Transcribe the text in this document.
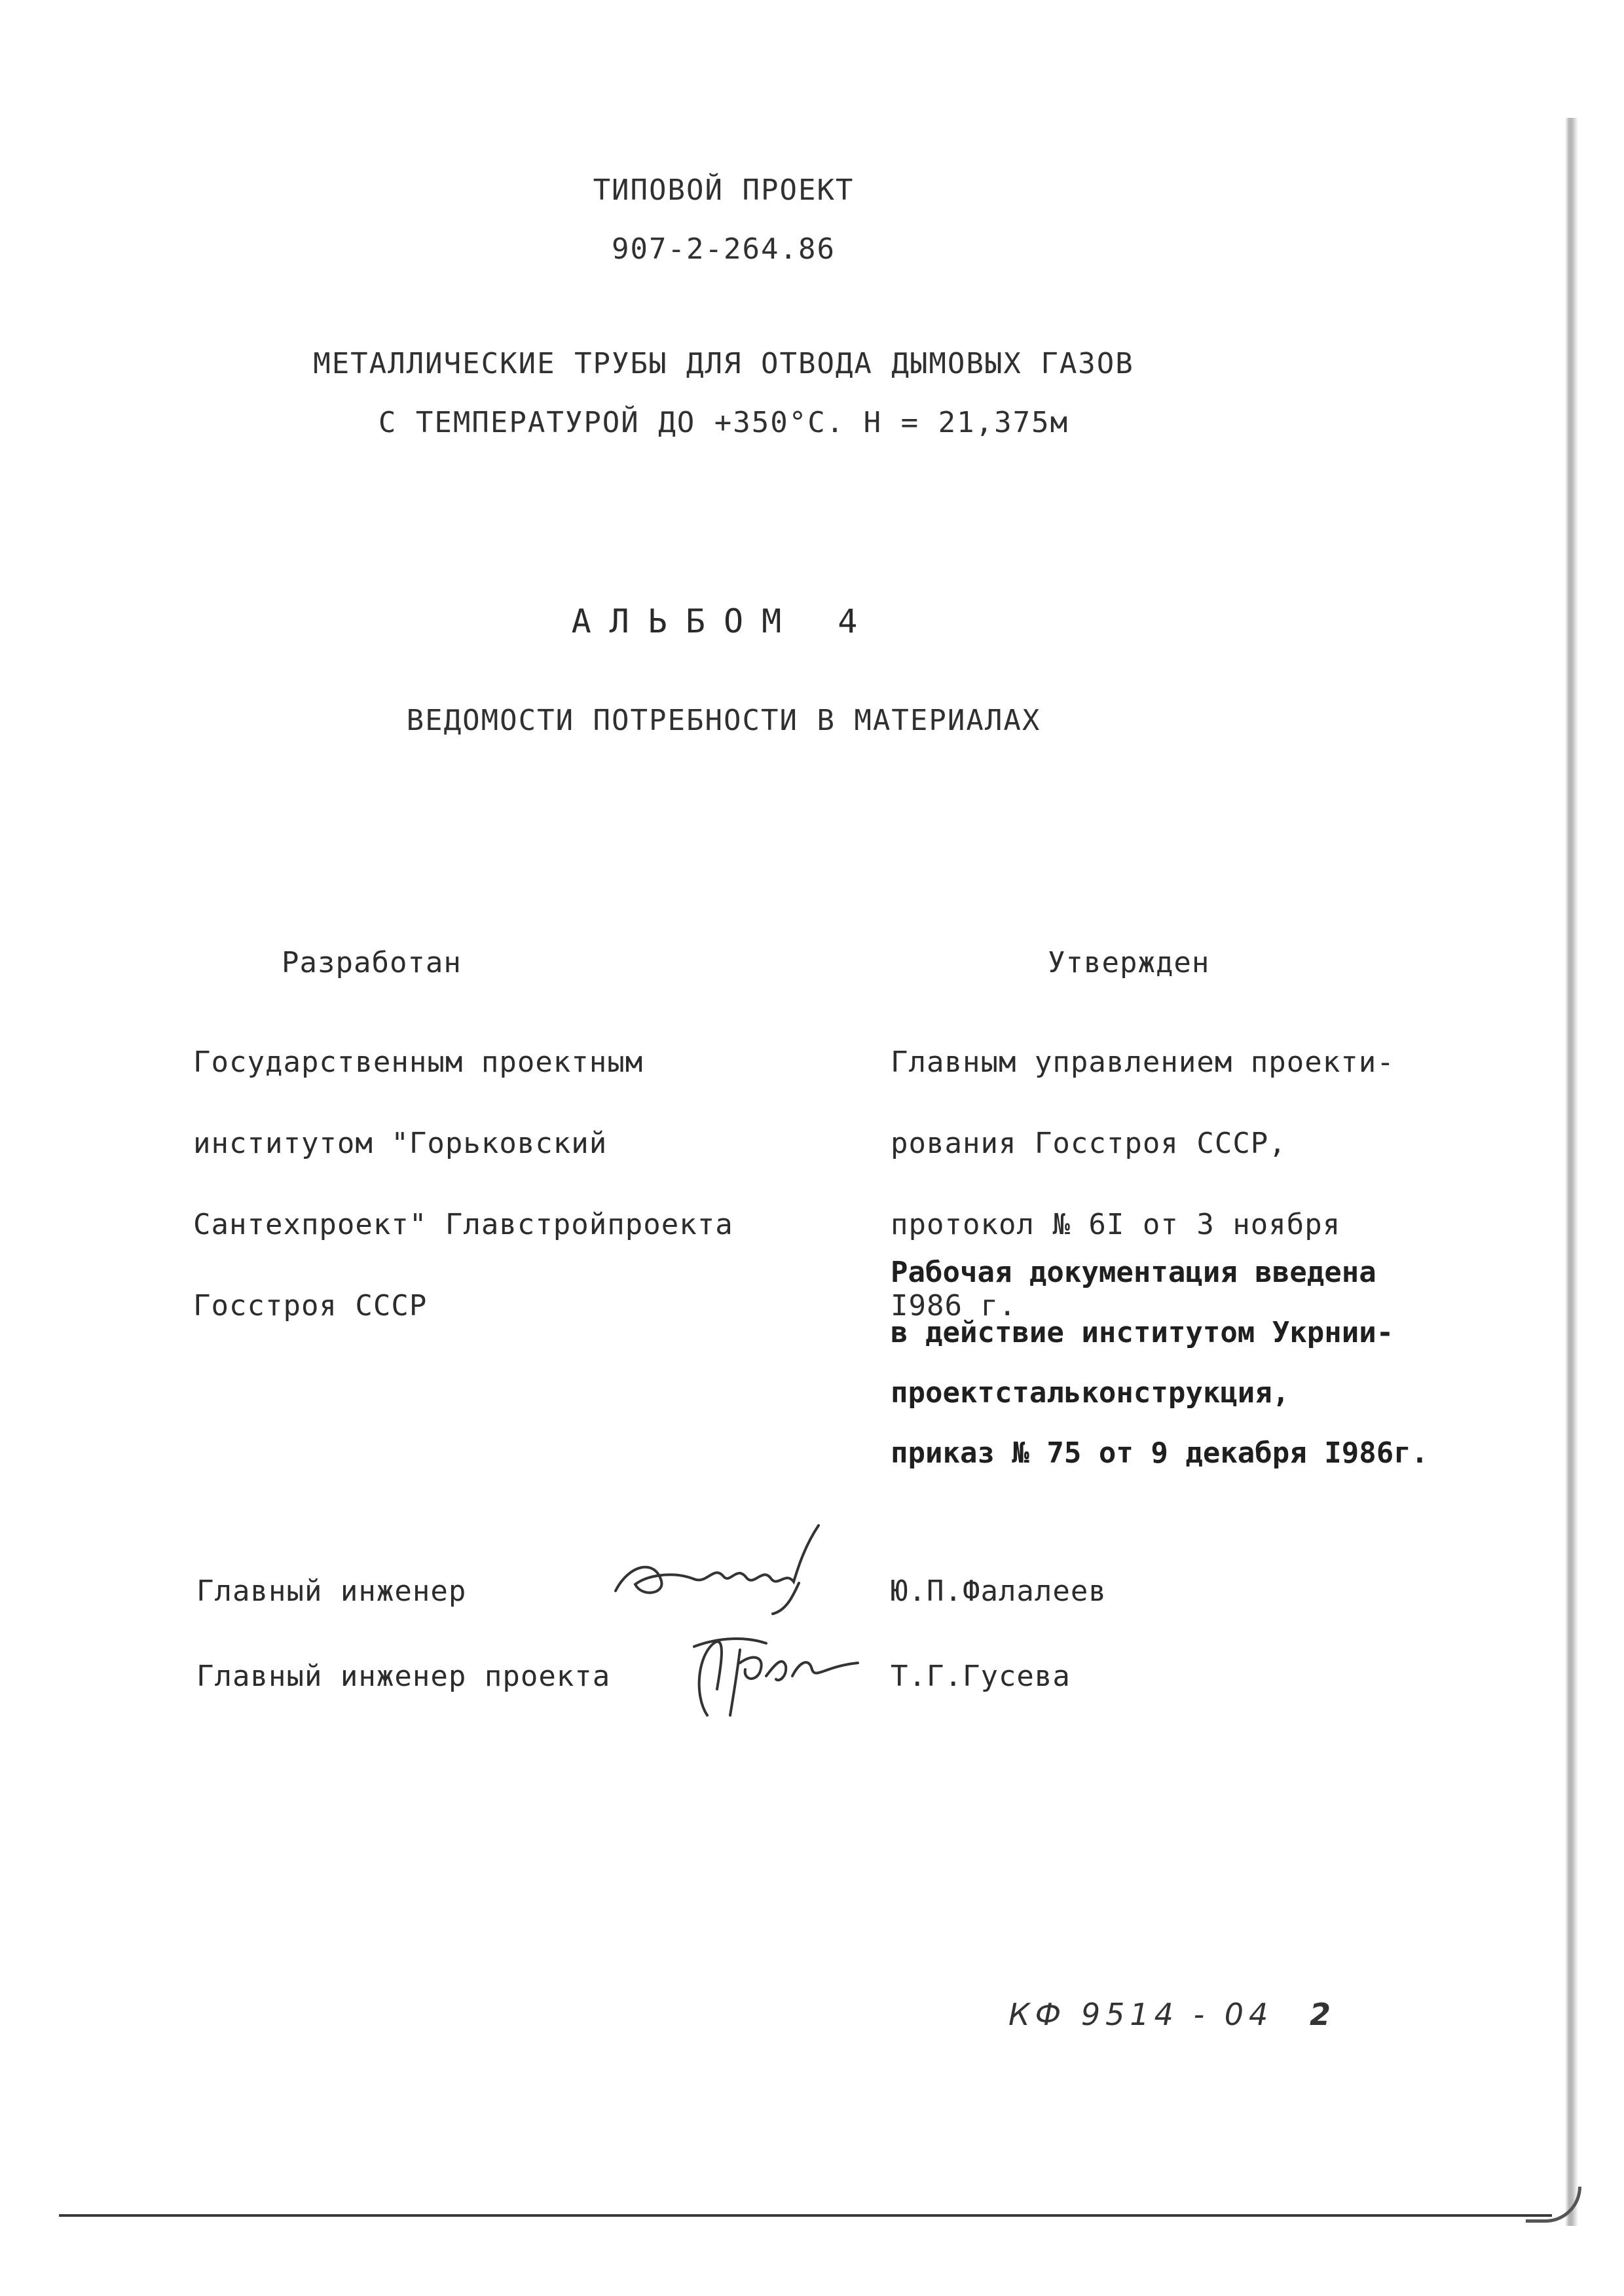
ТИПОВОЙ ПРОЕКТ
907-2-264.86
МЕТАЛЛИЧЕСКИЕ ТРУБЫ ДЛЯ ОТВОДА ДЫМОВЫХ ГАЗОВ
С ТЕМПЕРАТУРОЙ ДО +350°С. Н = 21,375м
АЛЬБОМ 4
ВЕДОМОСТИ ПОТРЕБНОСТИ В МАТЕРИАЛАХ
Разработан

Государственным проектным

институтом "Горьковский

Сантехпроект" Главстройпроекта

Госстроя СССР

Утвержден

Главным управлением проекти-

рования Госстроя СССР,

протокол № 6I от 3 ноября

I986 г.

Рабочая документация введена

в действие институтом Укрнии-

проектстальконструкция,

приказ № 75 от 9 декабря I986г.

Главный инженер	Ю.П.Фалалеев
Главный инженер проекта	Т.Г.Гусева
КФ 9514 - 04 2
